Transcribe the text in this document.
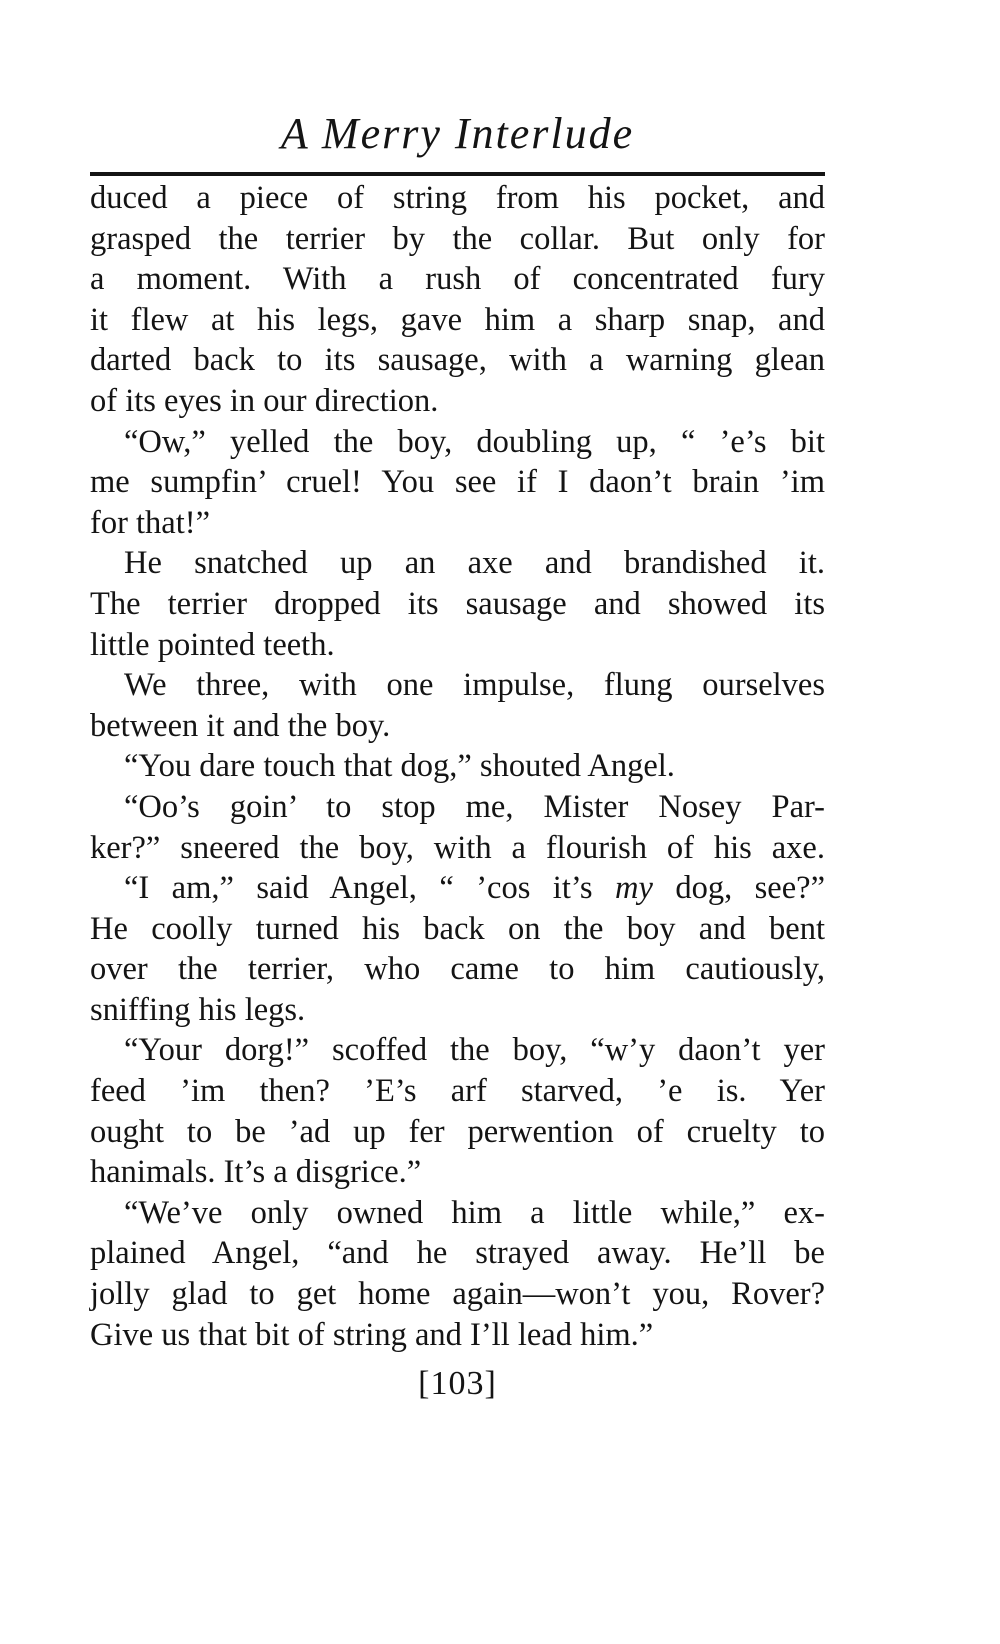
A Merry Interlude
duced a piece of string from his pocket, and
grasped the terrier by the collar. But only for
a moment. With a rush of concentrated fury
it flew at his legs, gave him a sharp snap, and
darted back to its sausage, with a warning glean
of its eyes in our direction.
“Ow,” yelled the boy, doubling up, “ ’e’s bit
me sumpfin’ cruel! You see if I daon’t brain ’im
for that!”
He snatched up an axe and brandished it.
The terrier dropped its sausage and showed its
little pointed teeth.
We three, with one impulse, flung ourselves
between it and the boy.
“You dare touch that dog,” shouted Angel.
“Oo’s goin’ to stop me, Mister Nosey Par-
ker?” sneered the boy, with a flourish of his axe.
“I am,” said Angel, “ ’cos it’s my dog, see?”
He coolly turned his back on the boy and bent
over the terrier, who came to him cautiously,
sniffing his legs.
“Your dorg!” scoffed the boy, “w’y daon’t yer
feed ’im then? ’E’s arf starved, ’e is. Yer
ought to be ’ad up fer perwention of cruelty to
hanimals. It’s a disgrice.”
“We’ve only owned him a little while,” ex-
plained Angel, “and he strayed away. He’ll be
jolly glad to get home again—won’t you, Rover?
Give us that bit of string and I’ll lead him.”
[103]
